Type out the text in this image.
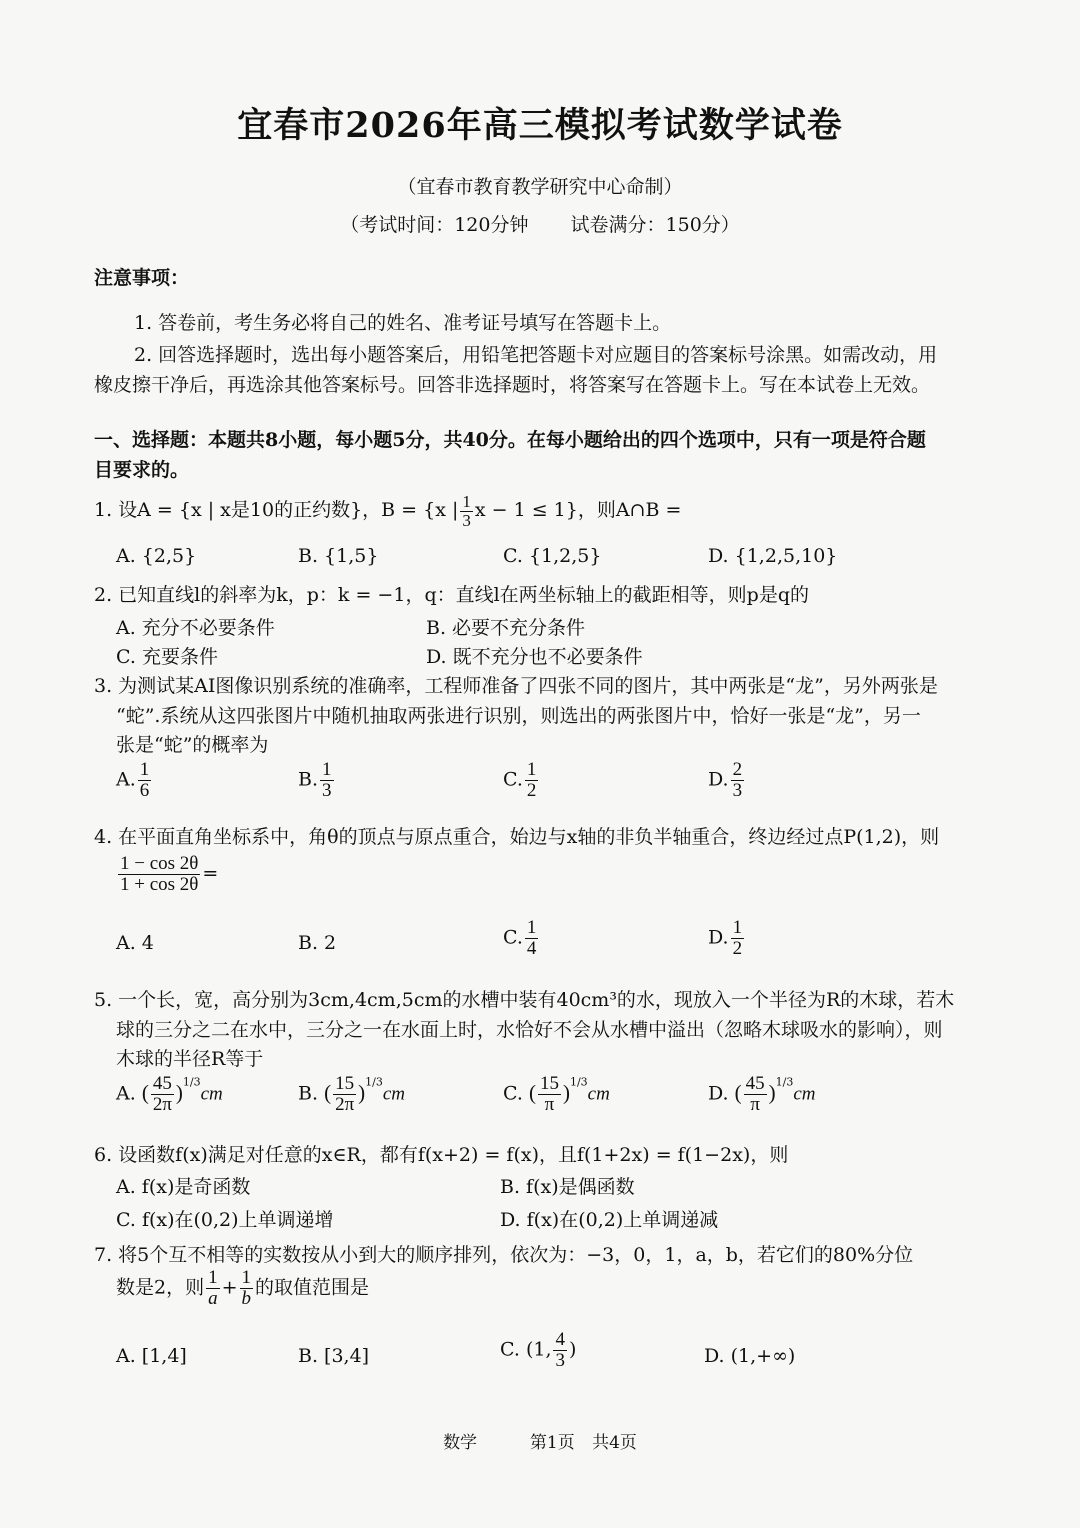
宜春市2026年高三模拟考试数学试卷
（宜春市教育教学研究中心命制）
（考试时间：120分钟 试卷满分：150分）
注意事项：
1. 答卷前，考生务必将自己的姓名、准考证号填写在答题卡上。
2. 回答选择题时，选出每小题答案后，用铅笔把答题卡对应题目的答案标号涂黑。如需改动，用
橡皮擦干净后，再选涂其他答案标号。回答非选择题时，将答案写在答题卡上。写在本试卷上无效。
一、选择题：本题共8小题，每小题5分，共40分。在每小题给出的四个选项中，只有一项是符合题
目要求的。
1. 设A = {x | x是10的正约数}，B = {x | $\frac{1}{3}$ x − 1 ≤ 1}，则A∩B =
A. {2,5}	B. {1,5}	C. {1,2,5}	D. {1,2,5,10}
2. 已知直线l的斜率为k，p：k = −1，q：直线l在两坐标轴上的截距相等，则p是q的
A. 充分不必要条件	B. 必要不充分条件
C. 充要条件	D. 既不充分也不必要条件
3. 为测试某AI图像识别系统的准确率，工程师准备了四张不同的图片，其中两张是“龙”，另外两张是
“蛇”.系统从这四张图片中随机抽取两张进行识别，则选出的两张图片中，恰好一张是“龙”，另一
张是“蛇”的概率为
A. $\frac{1}{6}$	B. $\frac{1}{3}$	C. $\frac{1}{2}$	D. $\frac{2}{3}$
4. 在平面直角坐标系中，角θ的顶点与原点重合，始边与x轴的非负半轴重合，终边经过点P(1,2)，则
$\frac{1 - \cos 2\theta}{1 + \cos 2\theta}$ =
A. 4	B. 2	C. $\frac{1}{4}$	D. $\frac{1}{2}$
5. 一个长，宽，高分别为3cm,4cm,5cm的水槽中装有40cm³的水，现放入一个半径为R的木球，若木
球的三分之二在水中，三分之一在水面上时，水恰好不会从水槽中溢出（忽略木球吸水的影响），则
木球的半径R等于
A. ( $\frac{45}{2\pi} )^{1/3}cm$	B. ( $\frac{15}{2\pi} )^{1/3}cm$	C. ( $\frac{15}{\pi} )^{1/3}cm$	D. ( $\frac{45}{\pi} )^{1/3}cm$
6. 设函数f(x)满足对任意的x∈R，都有f(x+2) = f(x)，且f(1+2x) = f(1−2x)，则
A. f(x)是奇函数	B. f(x)是偶函数
C. f(x)在(0,2)上单调递增	D. f(x)在(0,2)上单调递减
7. 将5个互不相等的实数按从小到大的顺序排列，依次为：−3，0，1，a，b，若它们的80%分位
数是2，则 $\frac{1}{a} + \frac{1}{b}$ 的取值范围是
A. [1,4]	B. [3,4]	C. (1, $\frac{4}{3}$ )	D. (1,+∞)
数学	第1页 共4页
